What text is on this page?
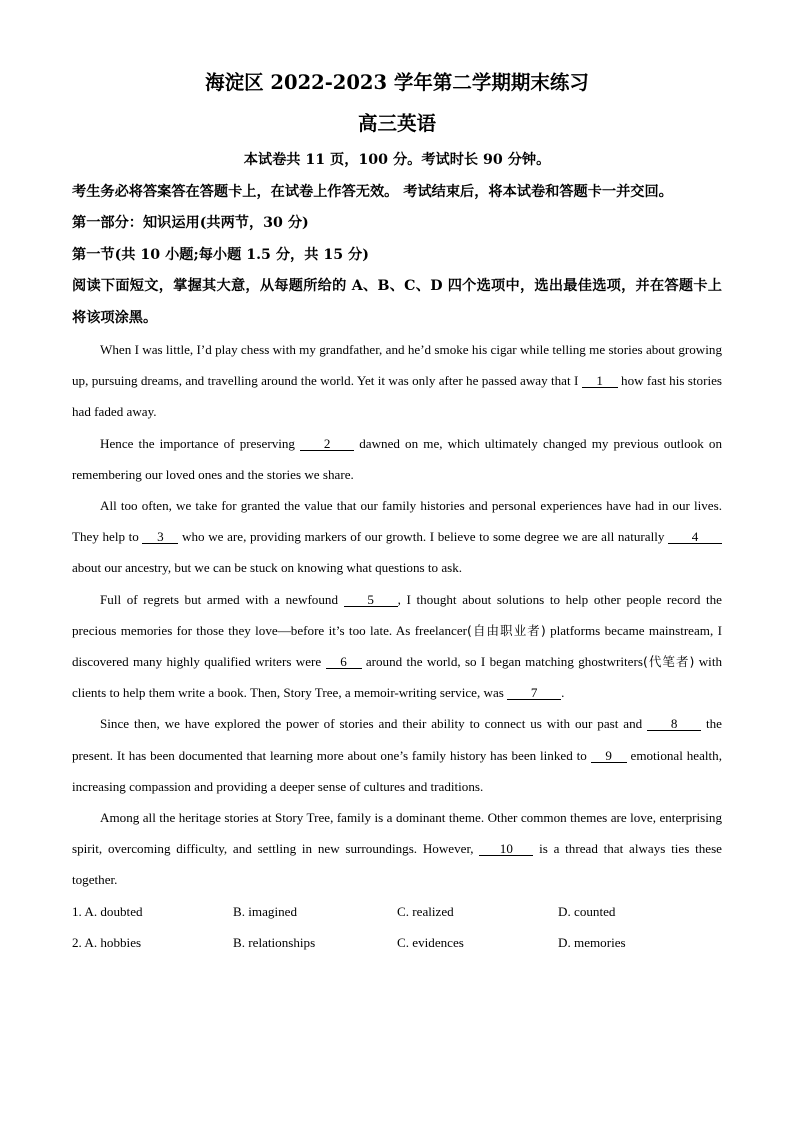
海淀区 2022-2023 学年第二学期期末练习
高三英语

本试卷共 11 页，100 分。考试时长 90 分钟。

考生务必将答案答在答题卡上，在试卷上作答无效。 考试结束后，将本试卷和答题卡一并交回。

第一部分：知识运用(共两节，30 分)

第一节(共 10 小题;每小题 1.5 分，共 15 分)

阅读下面短文，掌握其大意，从每题所给的 A、B、C、D 四个选项中，选出最佳选项，并在答题卡上将该项涂黑。

When I was little, I’d play chess with my grandfather, and he’d smoke his cigar while telling me stories about growing up, pursuing dreams, and travelling around the world. Yet it was only after he passed away that I 1 how fast his stories had faded away.

Hence the importance of preserving 2 dawned on me, which ultimately changed my previous outlook on remembering our loved ones and the stories we share.

All too often, we take for granted the value that our family histories and personal experiences have had in our lives. They help to 3 who we are, providing markers of our growth. I believe to some degree we are all naturally 4 about our ancestry, but we can be stuck on knowing what questions to ask.

Full of regrets but armed with a newfound 5 , I thought about solutions to help other people record the precious memories for those they love—before it’s too late. As freelancer(自由职业者) platforms became mainstream, I discovered many highly qualified writers were 6 around the world, so I began matching ghostwriters(代笔者) with clients to help them write a book. Then, Story Tree, a memoir-writing service, was 7 .

Since then, we have explored the power of stories and their ability to connect us with our past and 8 the present. It has been documented that learning more about one’s family history has been linked to 9 emotional health, increasing compassion and providing a deeper sense of cultures and traditions.

Among all the heritage stories at Story Tree, family is a dominant theme. Other common themes are love, enterprising spirit, overcoming difficulty, and settling in new surroundings. However, 10 is a thread that always ties these together.

1. A. doubted	B. imagined	C. realized	D. counted
2. A. hobbies	B. relationships	C. evidences	D. memories
